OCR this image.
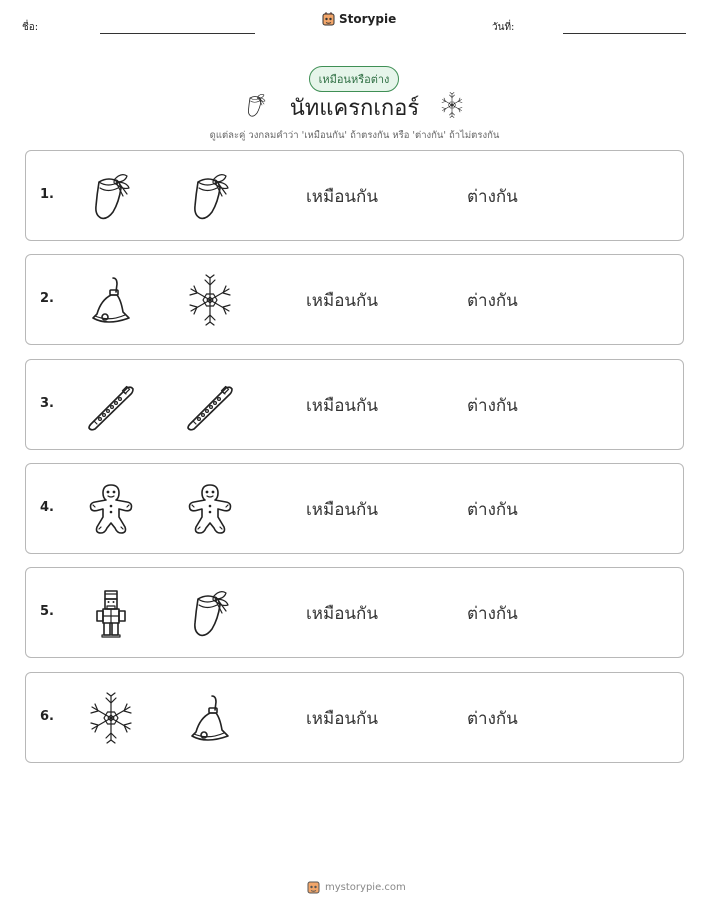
ชื่อ:
Storypie
วันที่:
เหมือนหรือต่าง
นัทแครกเกอร์
ดูแต่ละคู่ วงกลมคำว่า 'เหมือนกัน' ถ้าตรงกัน หรือ 'ต่างกัน' ถ้าไม่ตรงกัน
1.	เหมือนกัน	ต่างกัน
2.	เหมือนกัน	ต่างกัน
3.	เหมือนกัน	ต่างกัน
4.	เหมือนกัน	ต่างกัน
5.	เหมือนกัน	ต่างกัน
6.	เหมือนกัน	ต่างกัน
mystorypie.com
